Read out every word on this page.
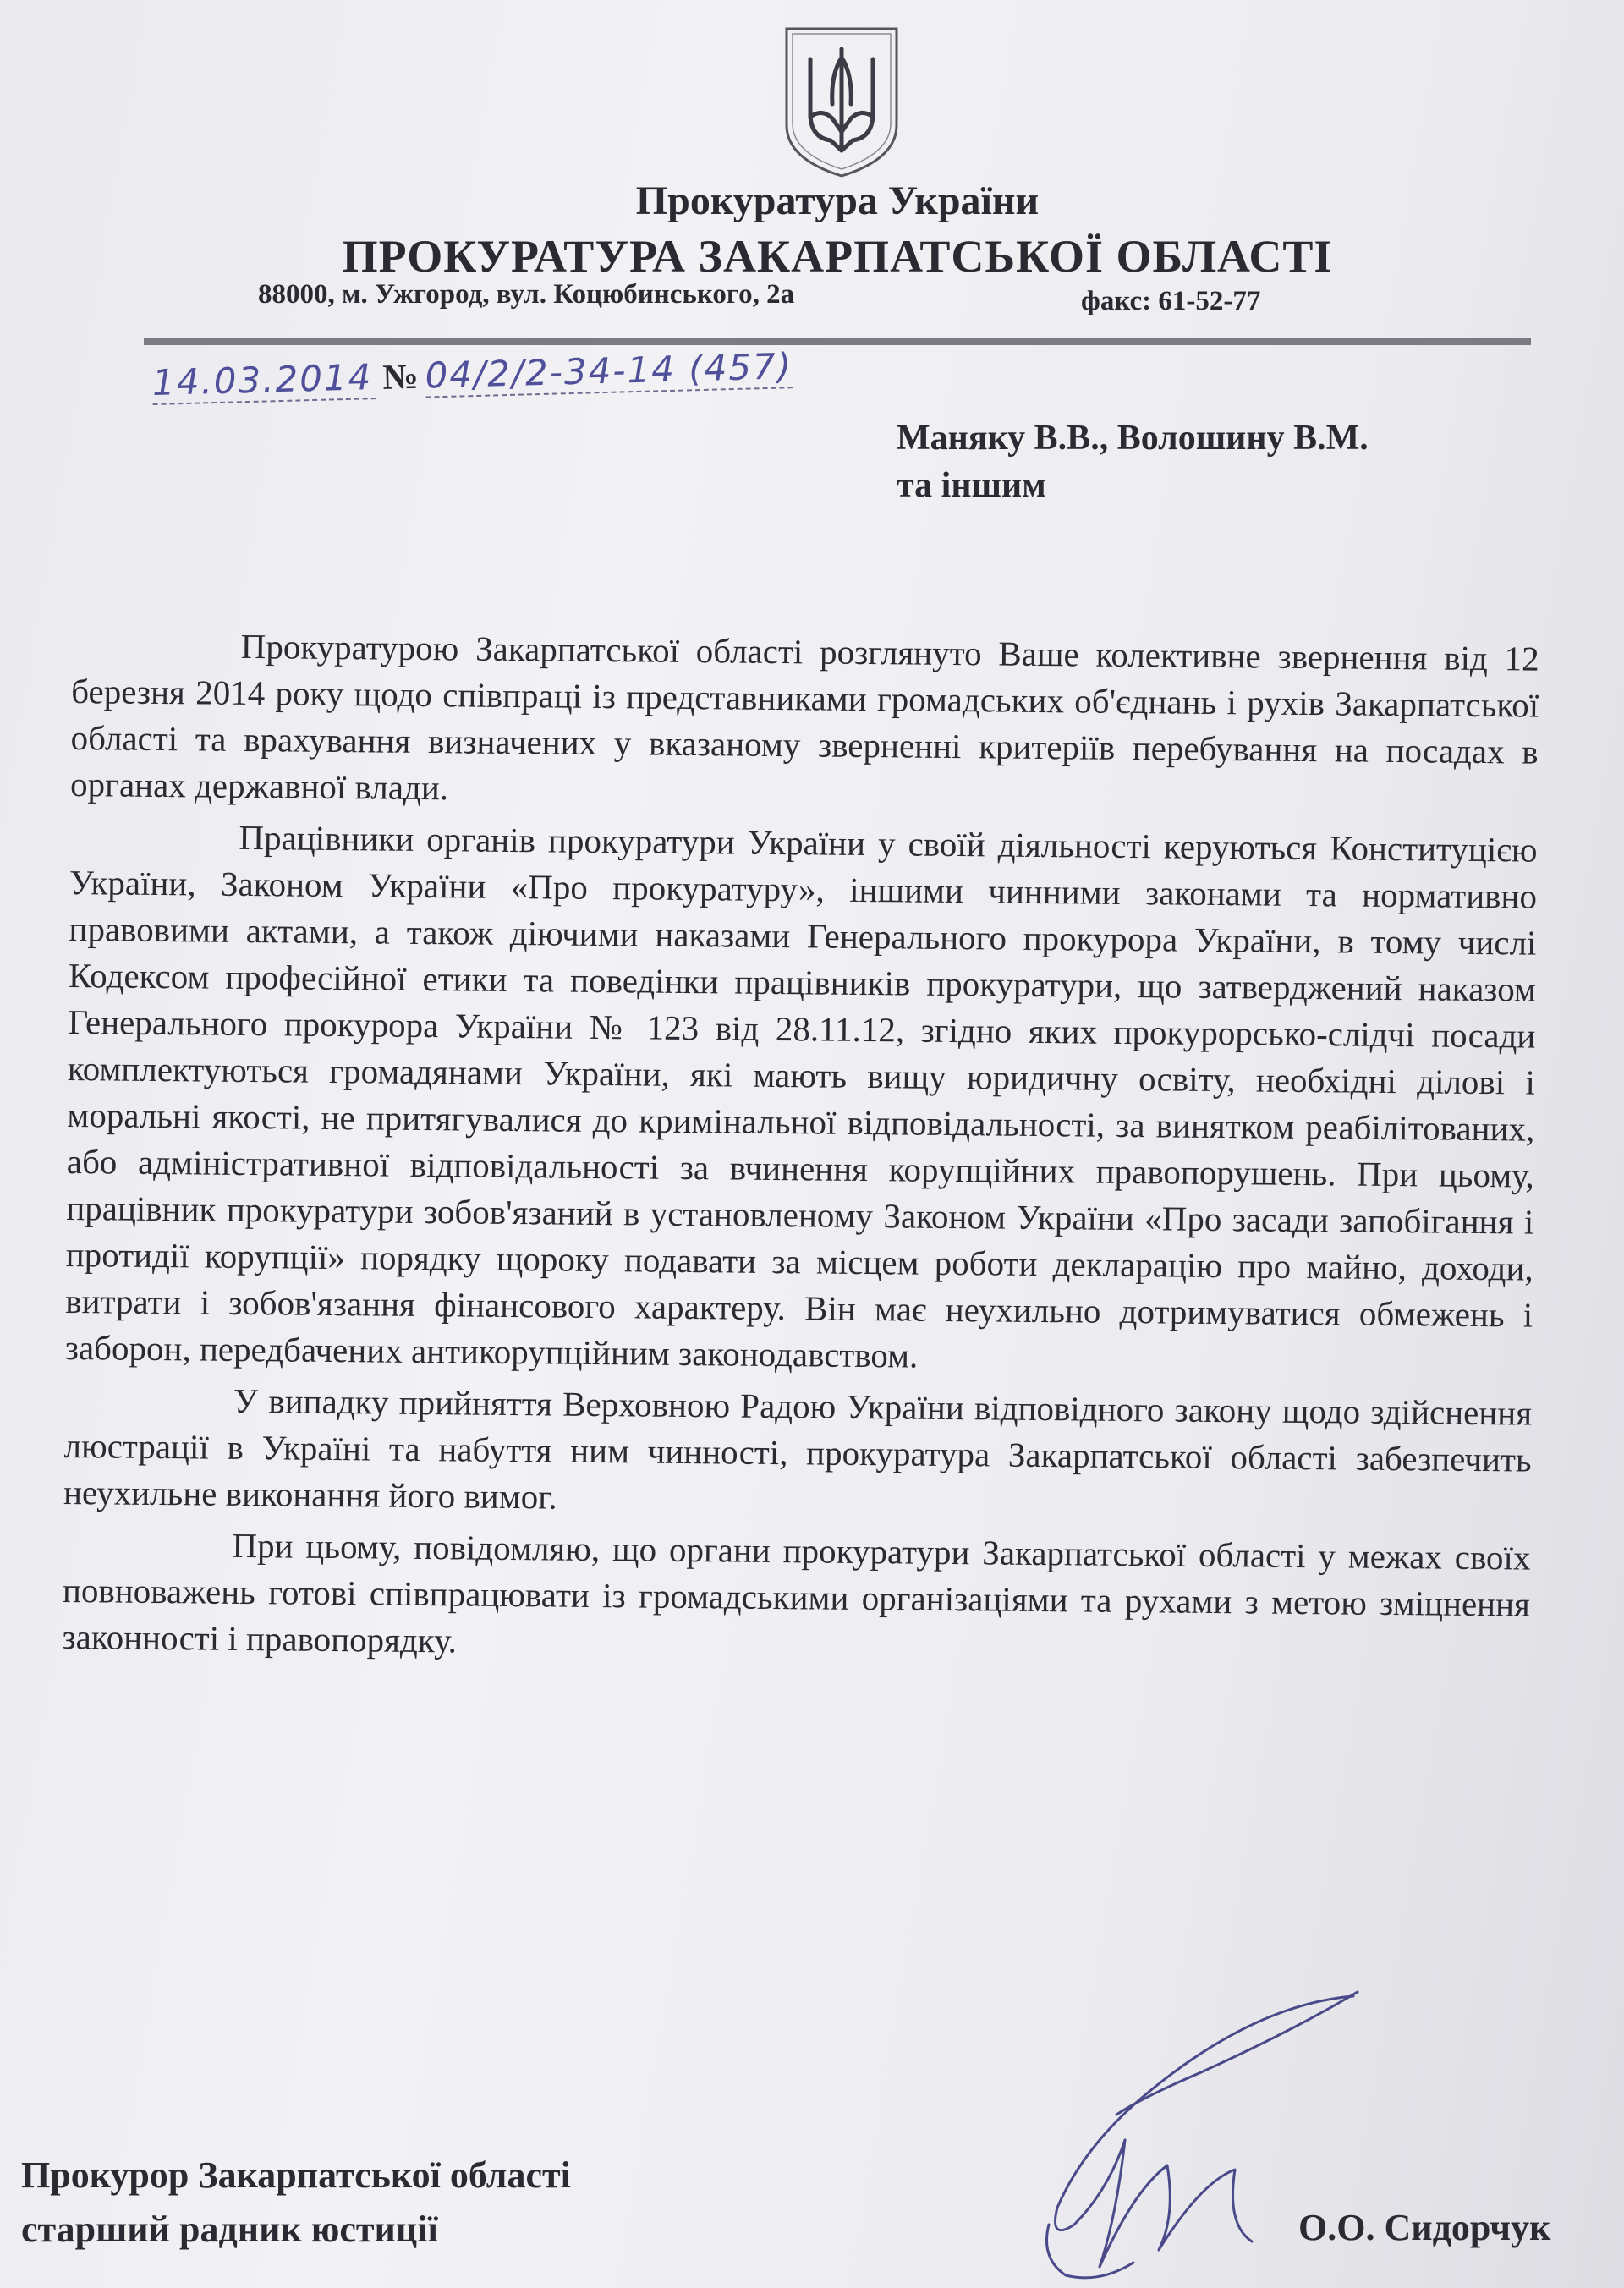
Прокуратура України
ПРОКУРАТУРА ЗАКАРПАТСЬКОЇ ОБЛАСТІ
88000, м. Ужгород, вул. Коцюбинського, 2а	факс: 61-52-77
14.03.2014 № 04/2/2-34-14 (457)
Маняку В.В., Волошину В.М.
та іншим

Прокуратурою Закарпатської області розглянуто Ваше колективне звернення від 12 березня 2014 року щодо співпраці із представниками громадських об'єднань і рухів Закарпатської області та врахування визначених у вказаному зверненні критеріїв перебування на посадах в органах державної влади.

Працівники органів прокуратури України у своїй діяльності керуються Конституцією України, Законом України «Про прокуратуру», іншими чинними законами та нормативно правовими актами, а також діючими наказами Генерального прокурора України, в тому числі Кодексом професійної етики та поведінки працівників прокуратури, що затверджений наказом Генерального прокурора України № 123 від 28.11.12, згідно яких прокурорсько-слідчі посади комплектуються громадянами України, які мають вищу юридичну освіту, необхідні ділові і моральні якості, не притягувалися до кримінальної відповідальності, за винятком реабілітованих, або адміністративної відповідальності за вчинення корупційних правопорушень. При цьому, працівник прокуратури зобов'язаний в установленому Законом України «Про засади запобігання і протидії корупції» порядку щороку подавати за місцем роботи декларацію про майно, доходи, витрати і зобов'язання фінансового характеру. Він має неухильно дотримуватися обмежень і заборон, передбачених антикорупційним законодавством.

У випадку прийняття Верховною Радою України відповідного закону щодо здійснення люстрації в Україні та набуття ним чинності, прокуратура Закарпатської області забезпечить неухильне виконання його вимог.

При цьому, повідомляю, що органи прокуратури Закарпатської області у межах своїх повноважень готові співпрацювати із громадськими організаціями та рухами з метою зміцнення законності і правопорядку.

Прокурор Закарпатської області
старший радник юстиції	О.О. Сидорчук
